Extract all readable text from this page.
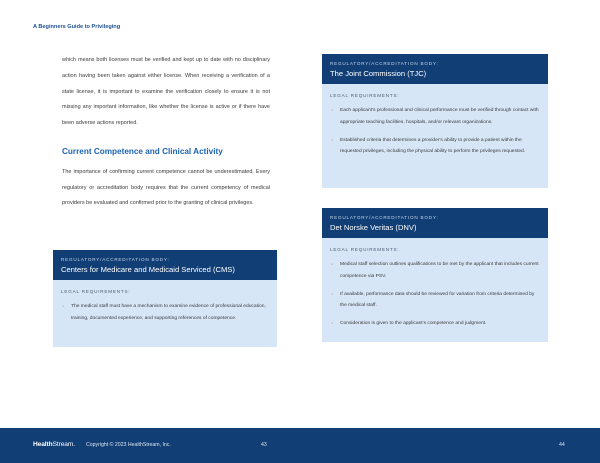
A Beginners Guide to Privileging

which means both licenses must be verified and kept up to date with no disciplinary action having been taken against either license. When receiving a verification of a state license, it is important to examine the verification closely to ensure it is not missing any important information, like whether the license is active or if there have been adverse actions reported.

Current Competence and Clinical Activity

The importance of confirming current competence cannot be underestimated. Every regulatory or accreditation body requires that the current competency of medical providers be evaluated and confirmed prior to the granting of clinical privileges.

REGULATORY/ACCREDITATION BODY:
Centers for Medicare and Medicaid Serviced (CMS)
LEGAL REQUIREMENTS:
· The medical staff must have a mechanism to examine evidence of professional education, training, documented experience, and supporting references of competence.
REGULATORY/ACCREDITATION BODY:
The Joint Commission (TJC)
LEGAL REQUIREMENTS:
· Each applicant's professional and clinical performance must be verified through contact with appropriate teaching facilities, hospitals, and/or relevant organizations.
· Established criteria that determines a provider's ability to provide a patient within the requested privileges, including the physical ability to perform the privileges requested.
REGULATORY/ACCREDITATION BODY:
Det Norske Veritas (DNV)
LEGAL REQUIREMENTS:
· Medical staff selection outlines qualifications to be met by the applicant that includes current competence via PSV.
· If available, performance data should be reviewed for variation from criteria determined by the medical staff.
· Consideration is given to the applicant's competence and judgment.
HealthStream. Copyright © 2023 HealthStream, Inc.	43	44
